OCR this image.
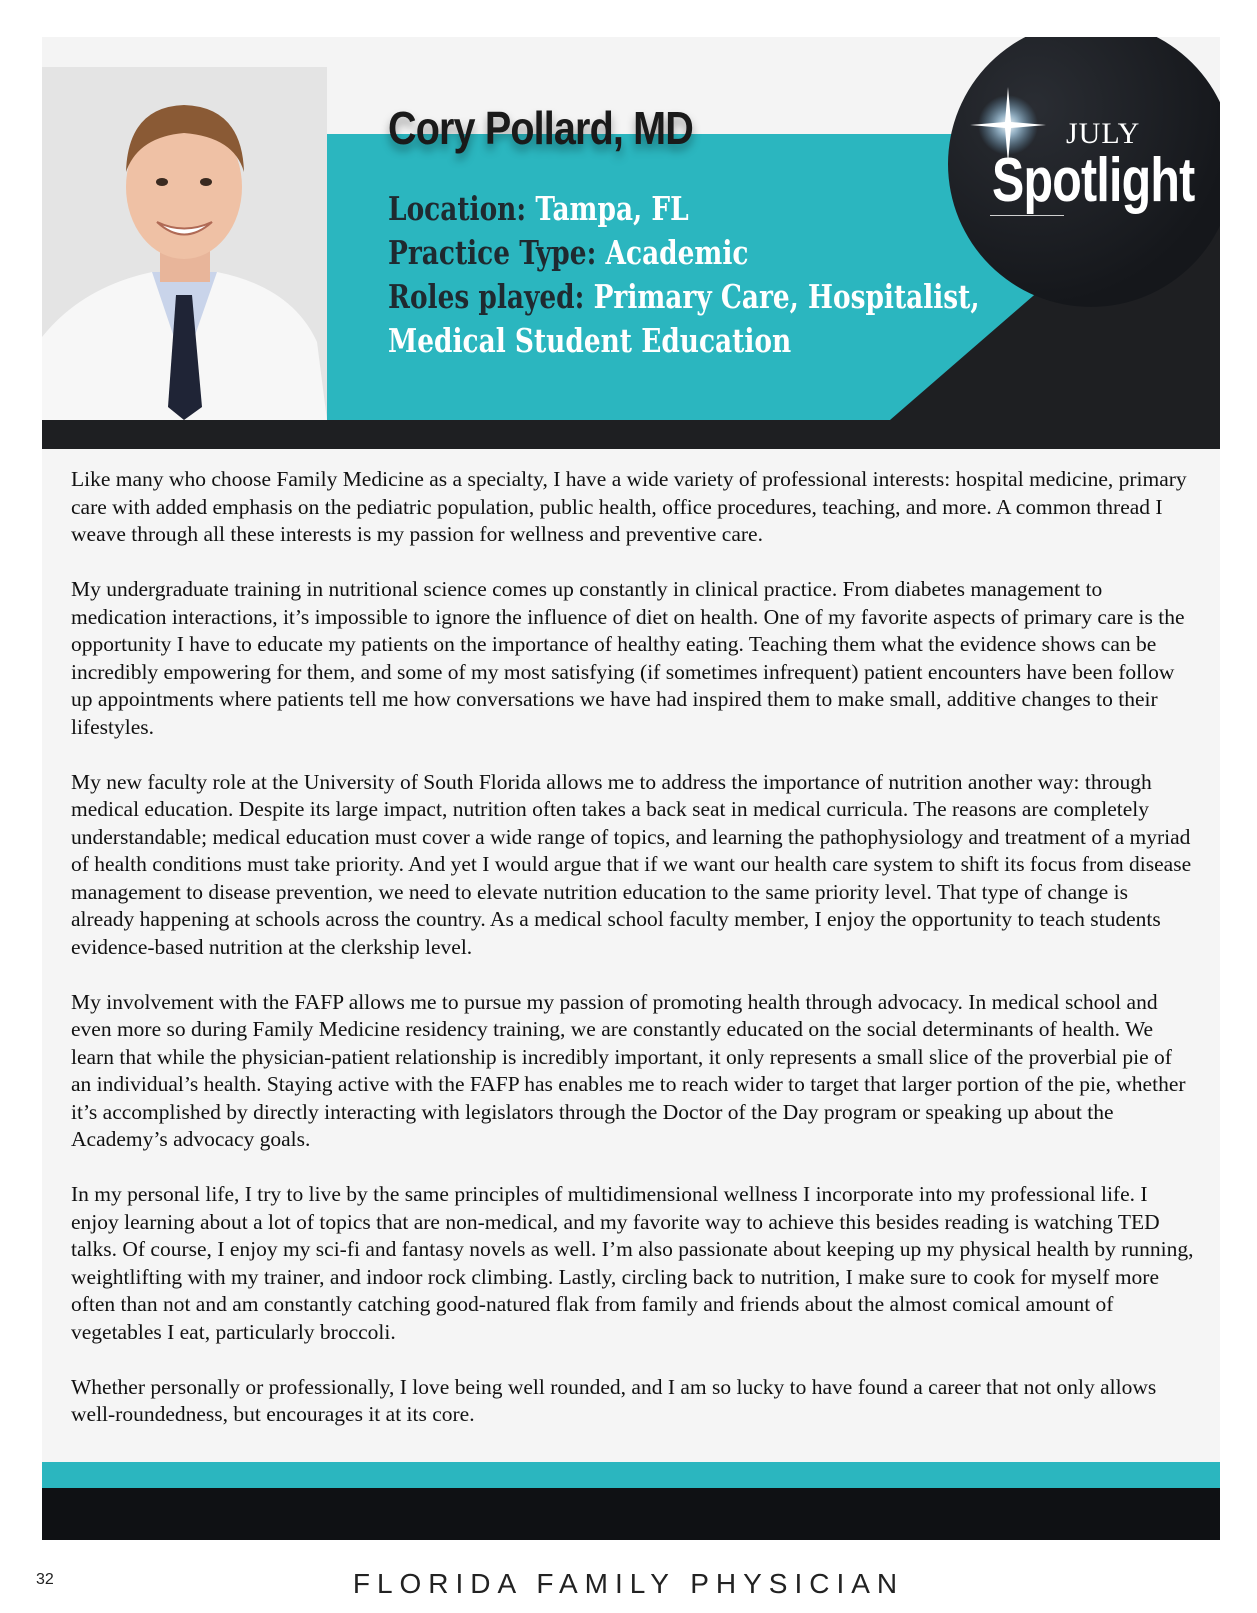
Cory Pollard, MD
Location: Tampa, FL
Practice Type: Academic
Roles played: Primary Care, Hospitalist,
Medical Student Education
JULY
Spotlight

Like many who choose Family Medicine as a specialty, I have a wide variety of professional interests: hospital medicine, primary care with added emphasis on the pediatric population, public health, office procedures, teaching, and more. A common thread I weave through all these interests is my passion for wellness and preventive care.

My undergraduate training in nutritional science comes up constantly in clinical practice. From diabetes management to medication interactions, it’s impossible to ignore the influence of diet on health. One of my favorite aspects of primary care is the opportunity I have to educate my patients on the importance of healthy eating. Teaching them what the evidence shows can be incredibly empowering for them, and some of my most satisfying (if sometimes infrequent) patient encounters have been follow up appointments where patients tell me how conversations we have had inspired them to make small, additive changes to their lifestyles.

My new faculty role at the University of South Florida allows me to address the importance of nutrition another way: through medical education. Despite its large impact, nutrition often takes a back seat in medical curricula. The reasons are completely understandable; medical education must cover a wide range of topics, and learning the pathophysiology and treatment of a myriad of health conditions must take priority. And yet I would argue that if we want our health care system to shift its focus from disease management to disease prevention, we need to elevate nutrition education to the same priority level. That type of change is already happening at schools across the country. As a medical school faculty member, I enjoy the opportunity to teach students evidence-based nutrition at the clerkship level.

My involvement with the FAFP allows me to pursue my passion of promoting health through advocacy. In medical school and even more so during Family Medicine residency training, we are constantly educated on the social determinants of health. We learn that while the physician-patient relationship is incredibly important, it only represents a small slice of the proverbial pie of an individual’s health. Staying active with the FAFP has enables me to reach wider to target that larger portion of the pie, whether it’s accomplished by directly interacting with legislators through the Doctor of the Day program or speaking up about the Academy’s advocacy goals.

In my personal life, I try to live by the same principles of multidimensional wellness I incorporate into my professional life. I enjoy learning about a lot of topics that are non-medical, and my favorite way to achieve this besides reading is watching TED talks. Of course, I enjoy my sci-fi and fantasy novels as well. I’m also passionate about keeping up my physical health by running, weightlifting with my trainer, and indoor rock climbing. Lastly, circling back to nutrition, I make sure to cook for myself more often than not and am constantly catching good-natured flak from family and friends about the almost comical amount of vegetables I eat, particularly broccoli.

Whether personally or professionally, I love being well rounded, and I am so lucky to have found a career that not only allows well-roundedness, but encourages it at its core.

32	FLORIDA FAMILY PHYSICIAN
